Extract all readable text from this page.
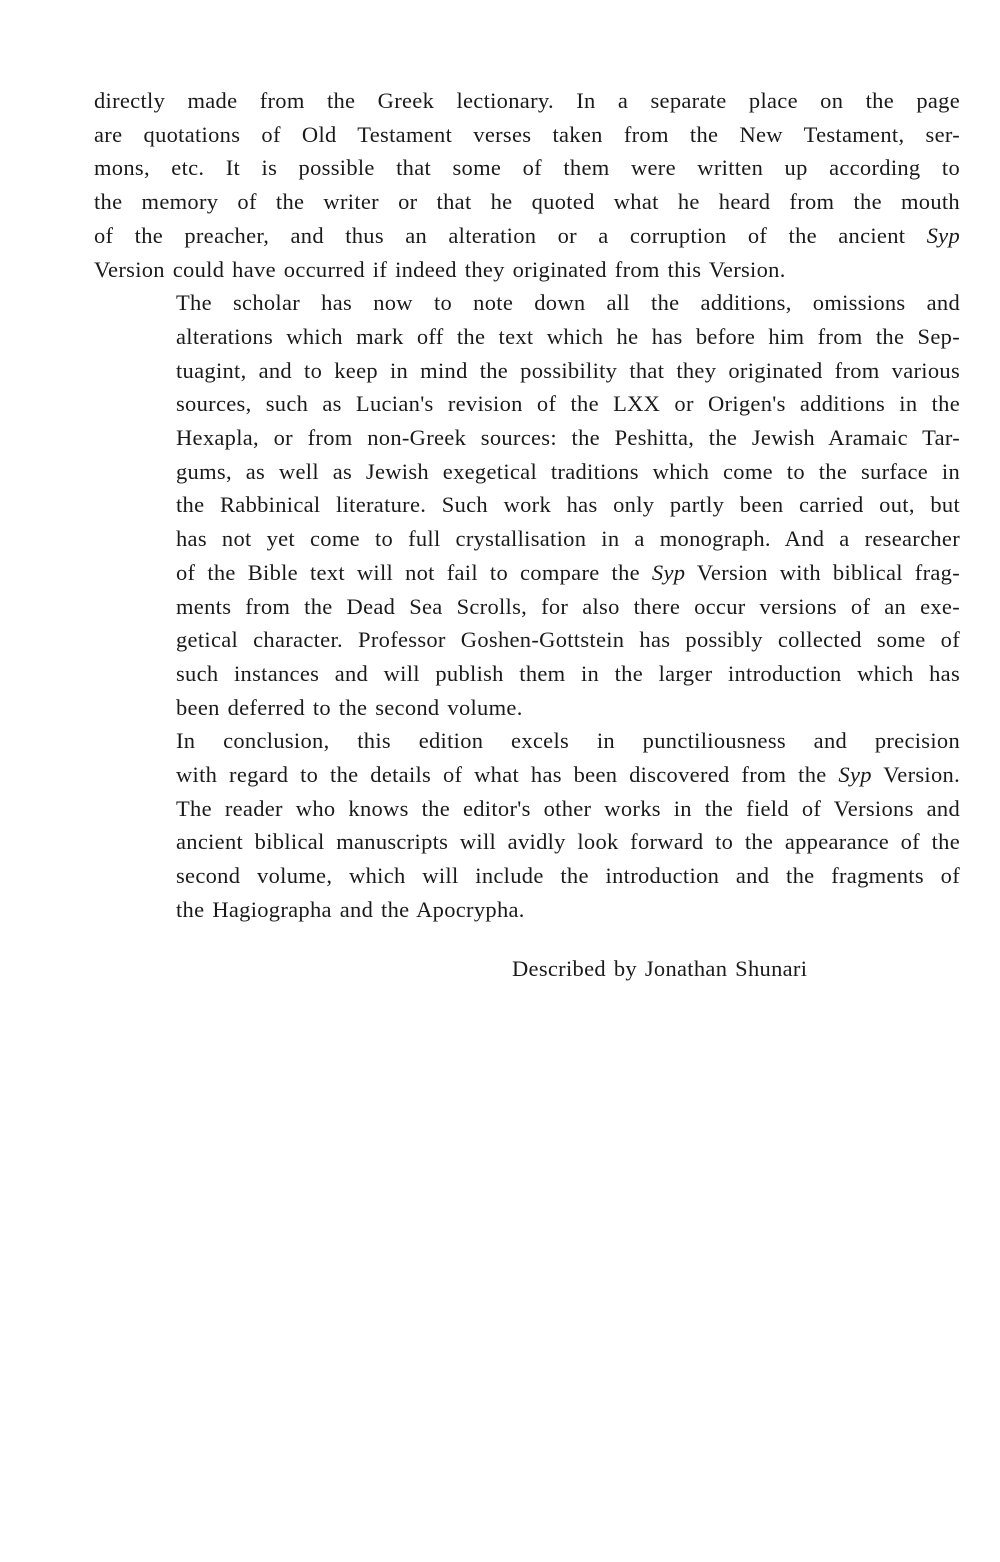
directly made from the Greek lectionary. In a separate place on the page
are quotations of Old Testament verses taken from the New Testament, ser-
mons, etc. It is possible that some of them were written up according to
the memory of the writer or that he quoted what he heard from the mouth
of the preacher, and thus an alteration or a corruption of the ancient Syp
Version could have occurred if indeed they originated from this Version.

The scholar has now to note down all the additions, omissions and
alterations which mark off the text which he has before him from the Sep-
tuagint, and to keep in mind the possibility that they originated from various
sources, such as Lucian's revision of the LXX or Origen's additions in the
Hexapla, or from non-Greek sources: the Peshitta, the Jewish Aramaic Tar-
gums, as well as Jewish exegetical traditions which come to the surface in
the Rabbinical literature. Such work has only partly been carried out, but
has not yet come to full crystallisation in a monograph. And a researcher
of the Bible text will not fail to compare the Syp Version with biblical frag-
ments from the Dead Sea Scrolls, for also there occur versions of an exe-
getical character. Professor Goshen-Gottstein has possibly collected some of
such instances and will publish them in the larger introduction which has
been deferred to the second volume.

In conclusion, this edition excels in punctiliousness and precision
with regard to the details of what has been discovered from the Syp Version.
The reader who knows the editor's other works in the field of Versions and
ancient biblical manuscripts will avidly look forward to the appearance of the
second volume, which will include the introduction and the fragments of
the Hagiographa and the Apocrypha.

Described by Jonathan Shunari
